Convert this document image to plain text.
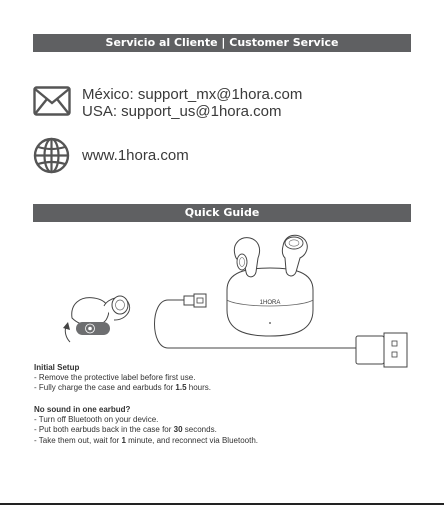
Servicio al Cliente | Customer Service

México: support_mx@1hora.com

USA: support_us@1hora.com

www.1hora.com

Quick Guide
1HORA

Initial Setup

- Remove the protective label before first use.

- Fully charge the case and earbuds for 1.5 hours.

No sound in one earbud?

- Turn off Bluetooth on your device.

- Put both earbuds back in the case for 30 seconds.

- Take them out, wait for 1 minute, and reconnect via Bluetooth.
